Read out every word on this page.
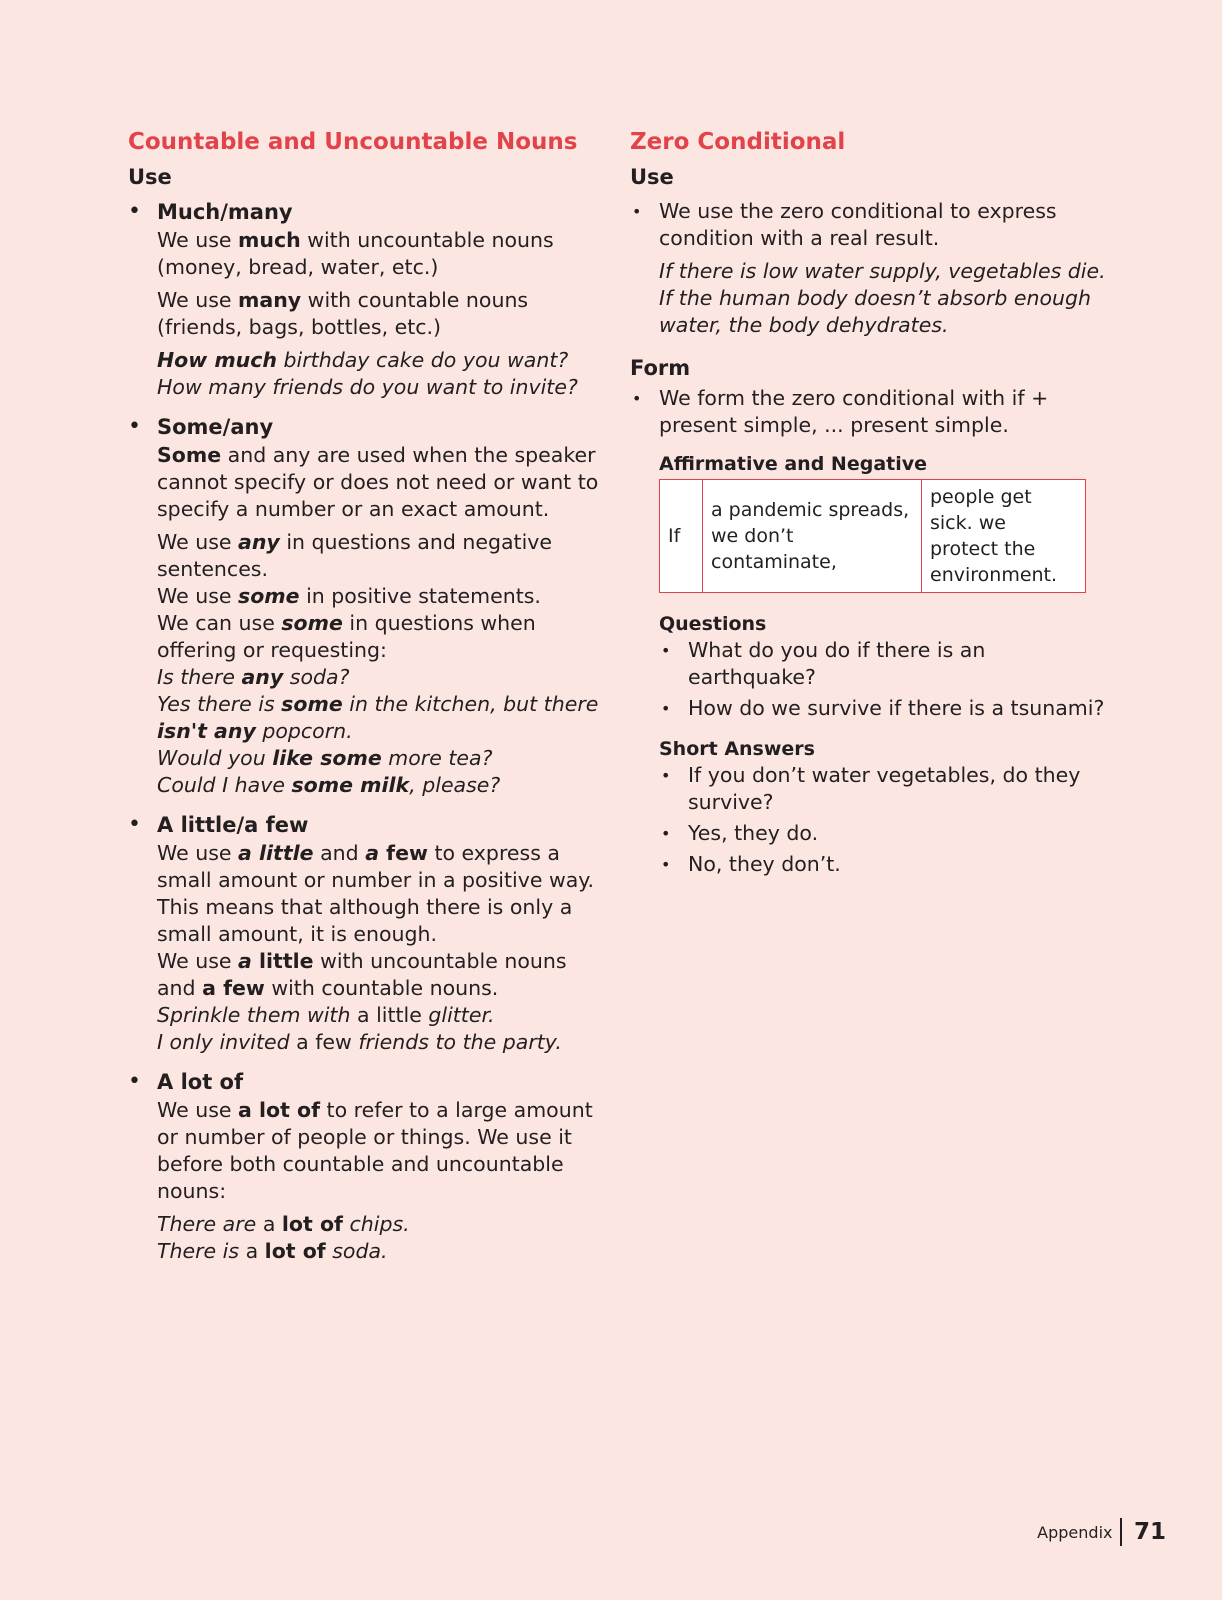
Countable and Uncountable Nouns
Use
• Much/many

We use much with uncountable nouns (money, bread, water, etc.)

We use many with countable nouns (friends, bags, bottles, etc.)

How much birthday cake do you want?

How many friends do you want to invite?

• Some/any

Some and any are used when the speaker cannot specify or does not need or want to specify a number or an exact amount.

We use any in questions and negative sentences.

We use some in positive statements.

We can use some in questions when offering or requesting:

Is there any soda?

Yes there is some in the kitchen, but there isn't any popcorn.

Would you like some more tea?

Could I have some milk, please?

• A little/a few

We use a little and a few to express a small amount or number in a positive way. This means that although there is only a small amount, it is enough.

We use a little with uncountable nouns and a few with countable nouns.

Sprinkle them with a little glitter.

I only invited a few friends to the party.

• A lot of

We use a lot of to refer to a large amount or number of people or things. We use it before both countable and uncountable nouns:

There are a lot of chips.

There is a lot of soda.

Zero Conditional
Use
• We use the zero conditional to express condition with a real result.

If there is low water supply, vegetables die.

If the human body doesn’t absorb enough water, the body dehydrates.

Form
• We form the zero conditional with if + present simple, ... present simple.

Affirmative and Negative
If	a pandemic spreads, we don’t contaminate,	people get sick. we protect the environment.
Questions
• What do you do if there is an earthquake?
• How do we survive if there is a tsunami?
Short Answers
• If you don’t water vegetables, do they survive?
• Yes, they do.
• No, they don’t.
Appendix 71
